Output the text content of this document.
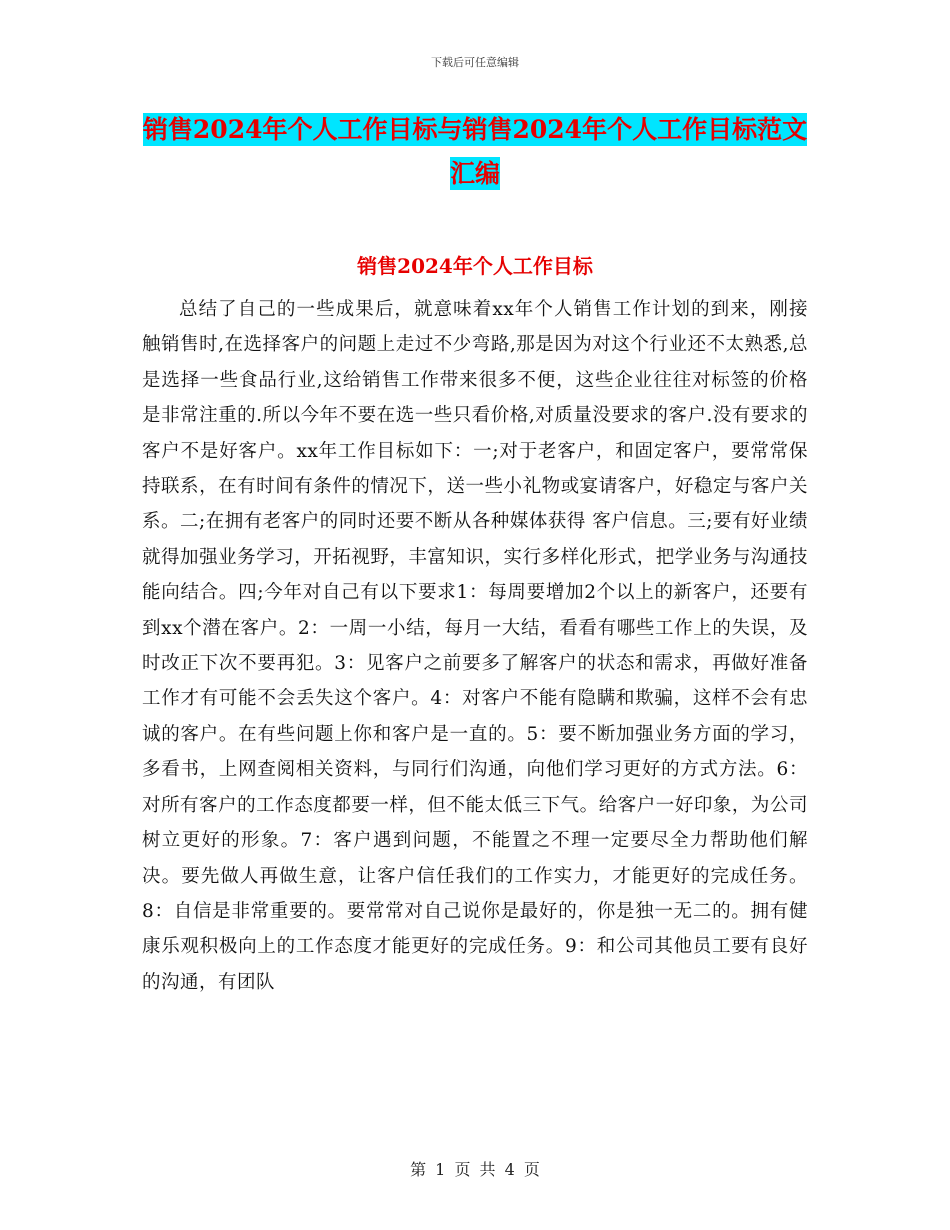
下载后可任意编辑
销售2024年个人工作目标与销售2024年个人工作目标范文汇编
销售2024年个人工作目标

总结了自己的一些成果后，就意味着xx年个人销售工作计划的到来，刚接触销售时,在选择客户的问题上走过不少弯路,那是因为对这个行业还不太熟悉,总是选择一些食品行业,这给销售工作带来很多不便，这些企业往往对标签的价格是非常注重的.所以今年不要在选一些只看价格,对质量没要求的客户.没有要求的客户不是好客户。xx年工作目标如下：一;对于老客户，和固定客户，要常常保持联系，在有时间有条件的情况下，送一些小礼物或宴请客户，好稳定与客户关系。二;在拥有老客户的同时还要不断从各种媒体获得 客户信息。三;要有好业绩就得加强业务学习，开拓视野，丰富知识，实行多样化形式，把学业务与沟通技能向结合。四;今年对自己有以下要求1：每周要增加2个以上的新客户，还要有到xx个潜在客户。2：一周一小结，每月一大结，看看有哪些工作上的失误，及时改正下次不要再犯。3：见客户之前要多了解客户的状态和需求，再做好准备工作才有可能不会丢失这个客户。4：对客户不能有隐瞒和欺骗，这样不会有忠诚的客户。在有些问题上你和客户是一直的。5：要不断加强业务方面的学习，多看书，上网查阅相关资料，与同行们沟通，向他们学习更好的方式方法。6：对所有客户的工作态度都要一样，但不能太低三下气。给客户一好印象，为公司树立更好的形象。7：客户遇到问题，不能置之不理一定要尽全力帮助他们解决。要先做人再做生意，让客户信任我们的工作实力，才能更好的完成任务。8：自信是非常重要的。要常常对自己说你是最好的，你是独一无二的。拥有健康乐观积极向上的工作态度才能更好的完成任务。9：和公司其他员工要有良好的沟通，有团队

第 1 页 共 4 页
